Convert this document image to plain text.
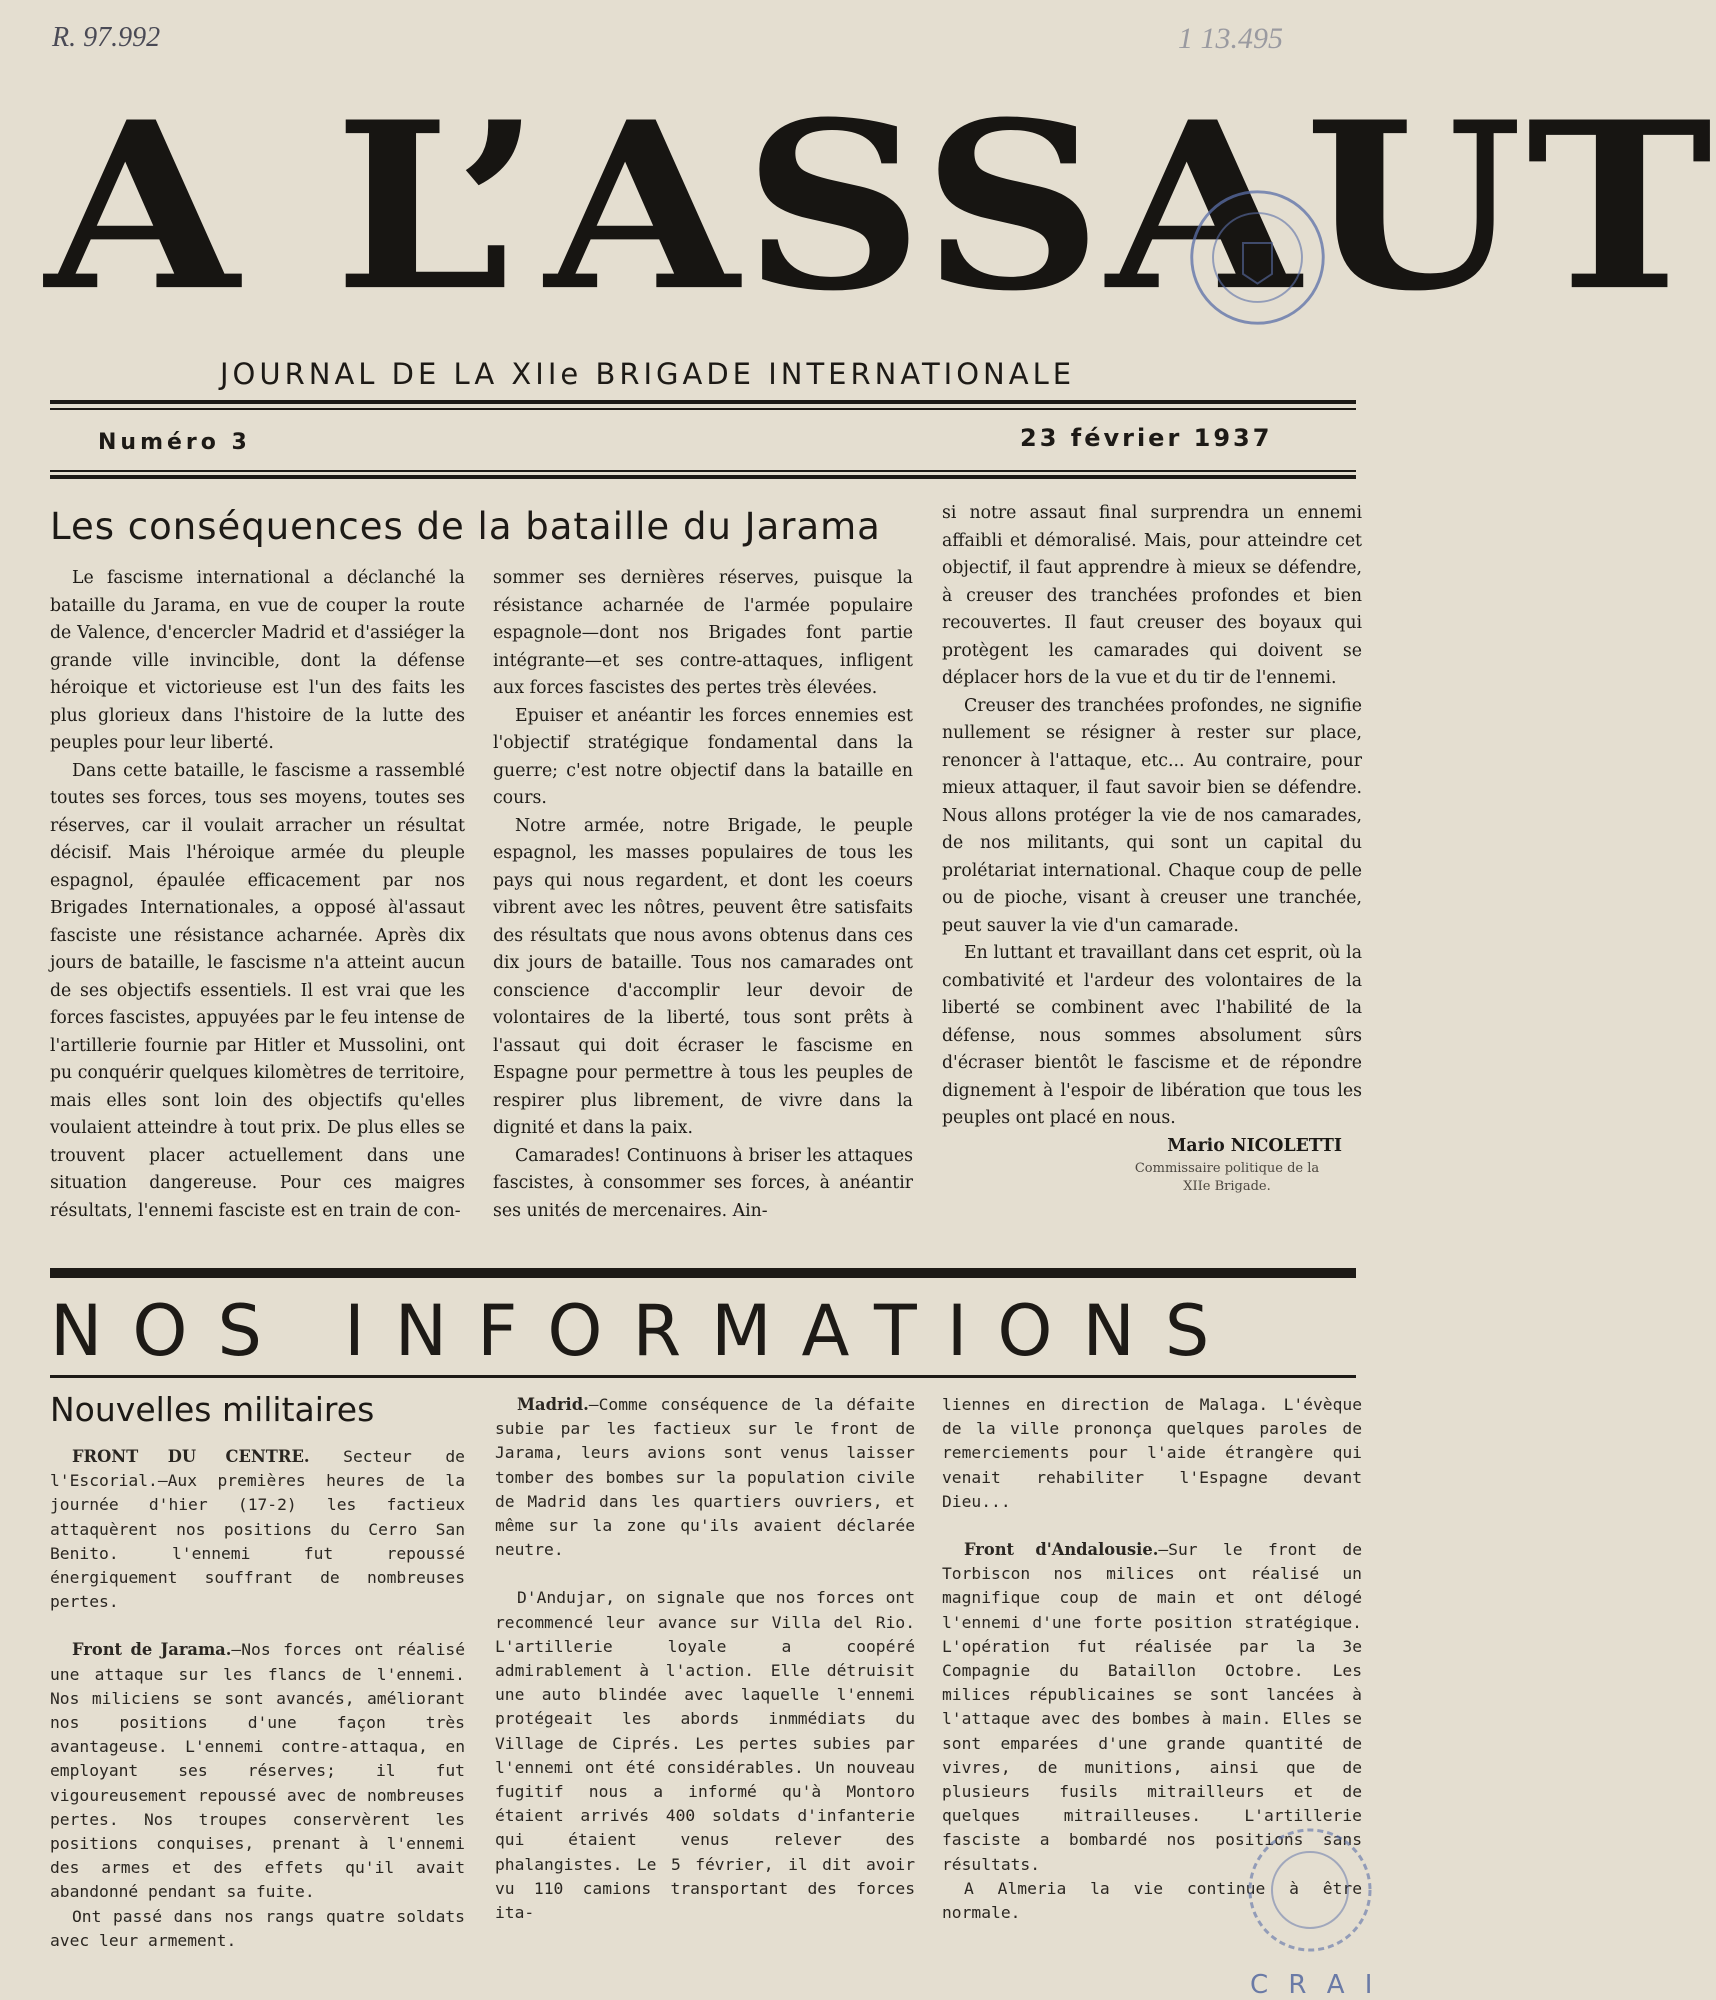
R. 97.992	1 13.495
A L’ASSAUT
JOURNAL DE LA XIIe BRIGADE INTERNATIONALE
Numéro 3	23 février 1937
Les conséquences de la bataille du Jarama

Le fascisme international a déclanché la bataille du Jarama, en vue de couper la route de Valence, d'encercler Madrid et d'assiéger la grande ville invincible, dont la défense héroique et victorieuse est l'un des faits les plus glorieux dans l'histoire de la lutte des peuples pour leur liberté.

Dans cette bataille, le fascisme a rassemblé toutes ses forces, tous ses moyens, toutes ses réserves, car il voulait arracher un résultat décisif. Mais l'héroique armée du pleuple espagnol, épaulée efficacement par nos Brigades Internationales, a opposé àl'assaut fasciste une résistance acharnée. Après dix jours de bataille, le fascisme n'a atteint aucun de ses objectifs essentiels. Il est vrai que les forces fascistes, appuyées par le feu intense de l'artillerie fournie par Hitler et Mussolini, ont pu conquérir quelques kilomètres de territoire, mais elles sont loin des objectifs qu'elles voulaient atteindre à tout prix. De plus elles se trouvent placer actuellement dans une situation dangereuse. Pour ces maigres résultats, l'ennemi fasciste est en train de con-

sommer ses dernières réserves, puisque la résistance acharnée de l'armée populaire espagnole—dont nos Brigades font partie intégrante—et ses contre-attaques, infligent aux forces fascistes des pertes très élevées.

Epuiser et anéantir les forces ennemies est l'objectif stratégique fondamental dans la guerre; c'est notre objectif dans la bataille en cours.

Notre armée, notre Brigade, le peuple espagnol, les masses populaires de tous les pays qui nous regardent, et dont les coeurs vibrent avec les nôtres, peuvent être satisfaits des résultats que nous avons obtenus dans ces dix jours de bataille. Tous nos camarades ont conscience d'accomplir leur devoir de volontaires de la liberté, tous sont prêts à l'assaut qui doit écraser le fascisme en Espagne pour permettre à tous les peuples de respirer plus librement, de vivre dans la dignité et dans la paix.

Camarades! Continuons à briser les attaques fascistes, à consommer ses forces, à anéantir ses unités de mercenaires. Ain-

si notre assaut final surprendra un ennemi affaibli et démoralisé. Mais, pour atteindre cet objectif, il faut apprendre à mieux se défendre, à creuser des tranchées profondes et bien recouvertes. Il faut creuser des boyaux qui protègent les camarades qui doivent se déplacer hors de la vue et du tir de l'ennemi.

Creuser des tranchées profondes, ne signifie nullement se résigner à rester sur place, renoncer à l'attaque, etc... Au contraire, pour mieux attaquer, il faut savoir bien se défendre. Nous allons protéger la vie de nos camarades, de nos militants, qui sont un capital du prolétariat international. Chaque coup de pelle ou de pioche, visant à creuser une tranchée, peut sauver la vie d'un camarade.

En luttant et travaillant dans cet esprit, où la combativité et l'ardeur des volontaires de la liberté se combinent avec l'habilité de la défense, nous sommes absolument sûrs d'écraser bientôt le fascisme et de répondre dignement à l'espoir de libération que tous les peuples ont placé en nous.

Mario NICOLETTI
Commissaire politique de la
XIIe Brigade.
NOS INFORMATIONS
Nouvelles militaires

FRONT DU CENTRE. Secteur de l'Escorial.—Aux premières heures de la journée d'hier (17-2) les factieux attaquèrent nos positions du Cerro San Benito. l'ennemi fut repoussé énergiquement souffrant de nombreuses pertes.

Front de Jarama.—Nos forces ont réalisé une attaque sur les flancs de l'ennemi. Nos miliciens se sont avancés, améliorant nos positions d'une façon très avantageuse. L'ennemi contre-attaqua, en employant ses réserves; il fut vigoureusement repoussé avec de nombreuses pertes. Nos troupes conservèrent les positions conquises, prenant à l'ennemi des armes et des effets qu'il avait abandonné pendant sa fuite.

Ont passé dans nos rangs quatre soldats avec leur armement.

Madrid.—Comme conséquence de la défaite subie par les factieux sur le front de Jarama, leurs avions sont venus laisser tomber des bombes sur la population civile de Madrid dans les quartiers ouvriers, et même sur la zone qu'ils avaient déclarée neutre.

D'Andujar, on signale que nos forces ont recommencé leur avance sur Villa del Rio. L'artillerie loyale a coopéré admirablement à l'action. Elle détruisit une auto blindée avec laquelle l'ennemi protégeait les abords inmmédiats du Village de Ciprés. Les pertes subies par l'ennemi ont été considérables. Un nouveau fugitif nous a informé qu'à Montoro étaient arrivés 400 soldats d'infanterie qui étaient venus relever des phalangistes. Le 5 février, il dit avoir vu 110 camions transportant des forces ita-

liennes en direction de Malaga. L'évèque de la ville prononça quelques paroles de remerciements pour l'aide étrangère qui venait rehabiliter l'Espagne devant Dieu...

Front d'Andalousie.—Sur le front de Torbiscon nos milices ont réalisé un magnifique coup de main et ont délogé l'ennemi d'une forte position stratégique. L'opération fut réalisée par la 3e Compagnie du Bataillon Octobre. Les milices républicaines se sont lancées à l'attaque avec des bombes à main. Elles se sont emparées d'une grande quantité de vivres, de munitions, ainsi que de plusieurs fusils mitrailleurs et de quelques mitrailleuses. L'artillerie fasciste a bombardé nos positions sans résultats.

A Almeria la vie continue à être normale.

C R A I
